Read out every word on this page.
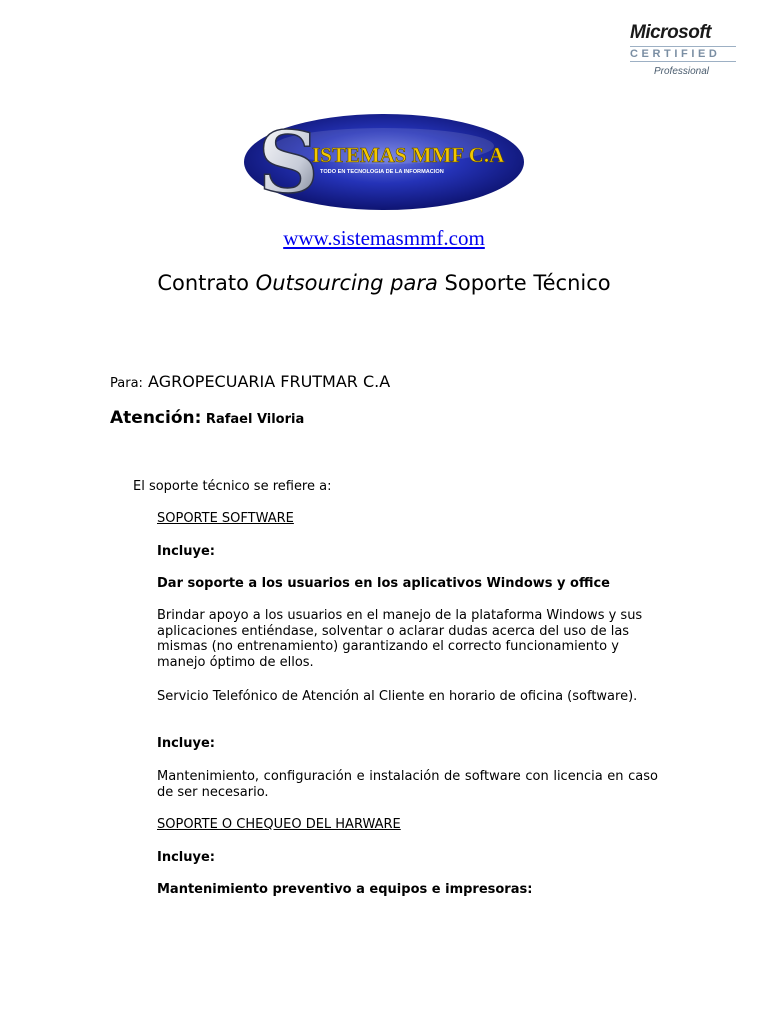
Microsoft
CERTIFIED
Professional
S
ISTEMAS MMF C.A
TODO EN TECNOLOGIA DE LA INFORMACION
www.sistemasmmf.com
Contrato Outsourcing para Soporte Técnico
Para: AGROPECUARIA FRUTMAR C.A
Atención: Rafael Viloria
El soporte técnico se refiere a:
SOPORTE SOFTWARE
Incluye:
Dar soporte a los usuarios en los aplicativos Windows y office
Brindar apoyo a los usuarios en el manejo de la plataforma Windows y sus aplicaciones entiéndase, solventar o aclarar dudas acerca del uso de las mismas (no entrenamiento) garantizando el correcto funcionamiento y manejo óptimo de ellos.
Servicio Telefónico de Atención al Cliente en horario de oficina (software).
Incluye:
Mantenimiento, configuración e instalación de software con licencia en caso de ser necesario.
SOPORTE O CHEQUEO DEL HARWARE
Incluye:
Mantenimiento preventivo a equipos e impresoras:
